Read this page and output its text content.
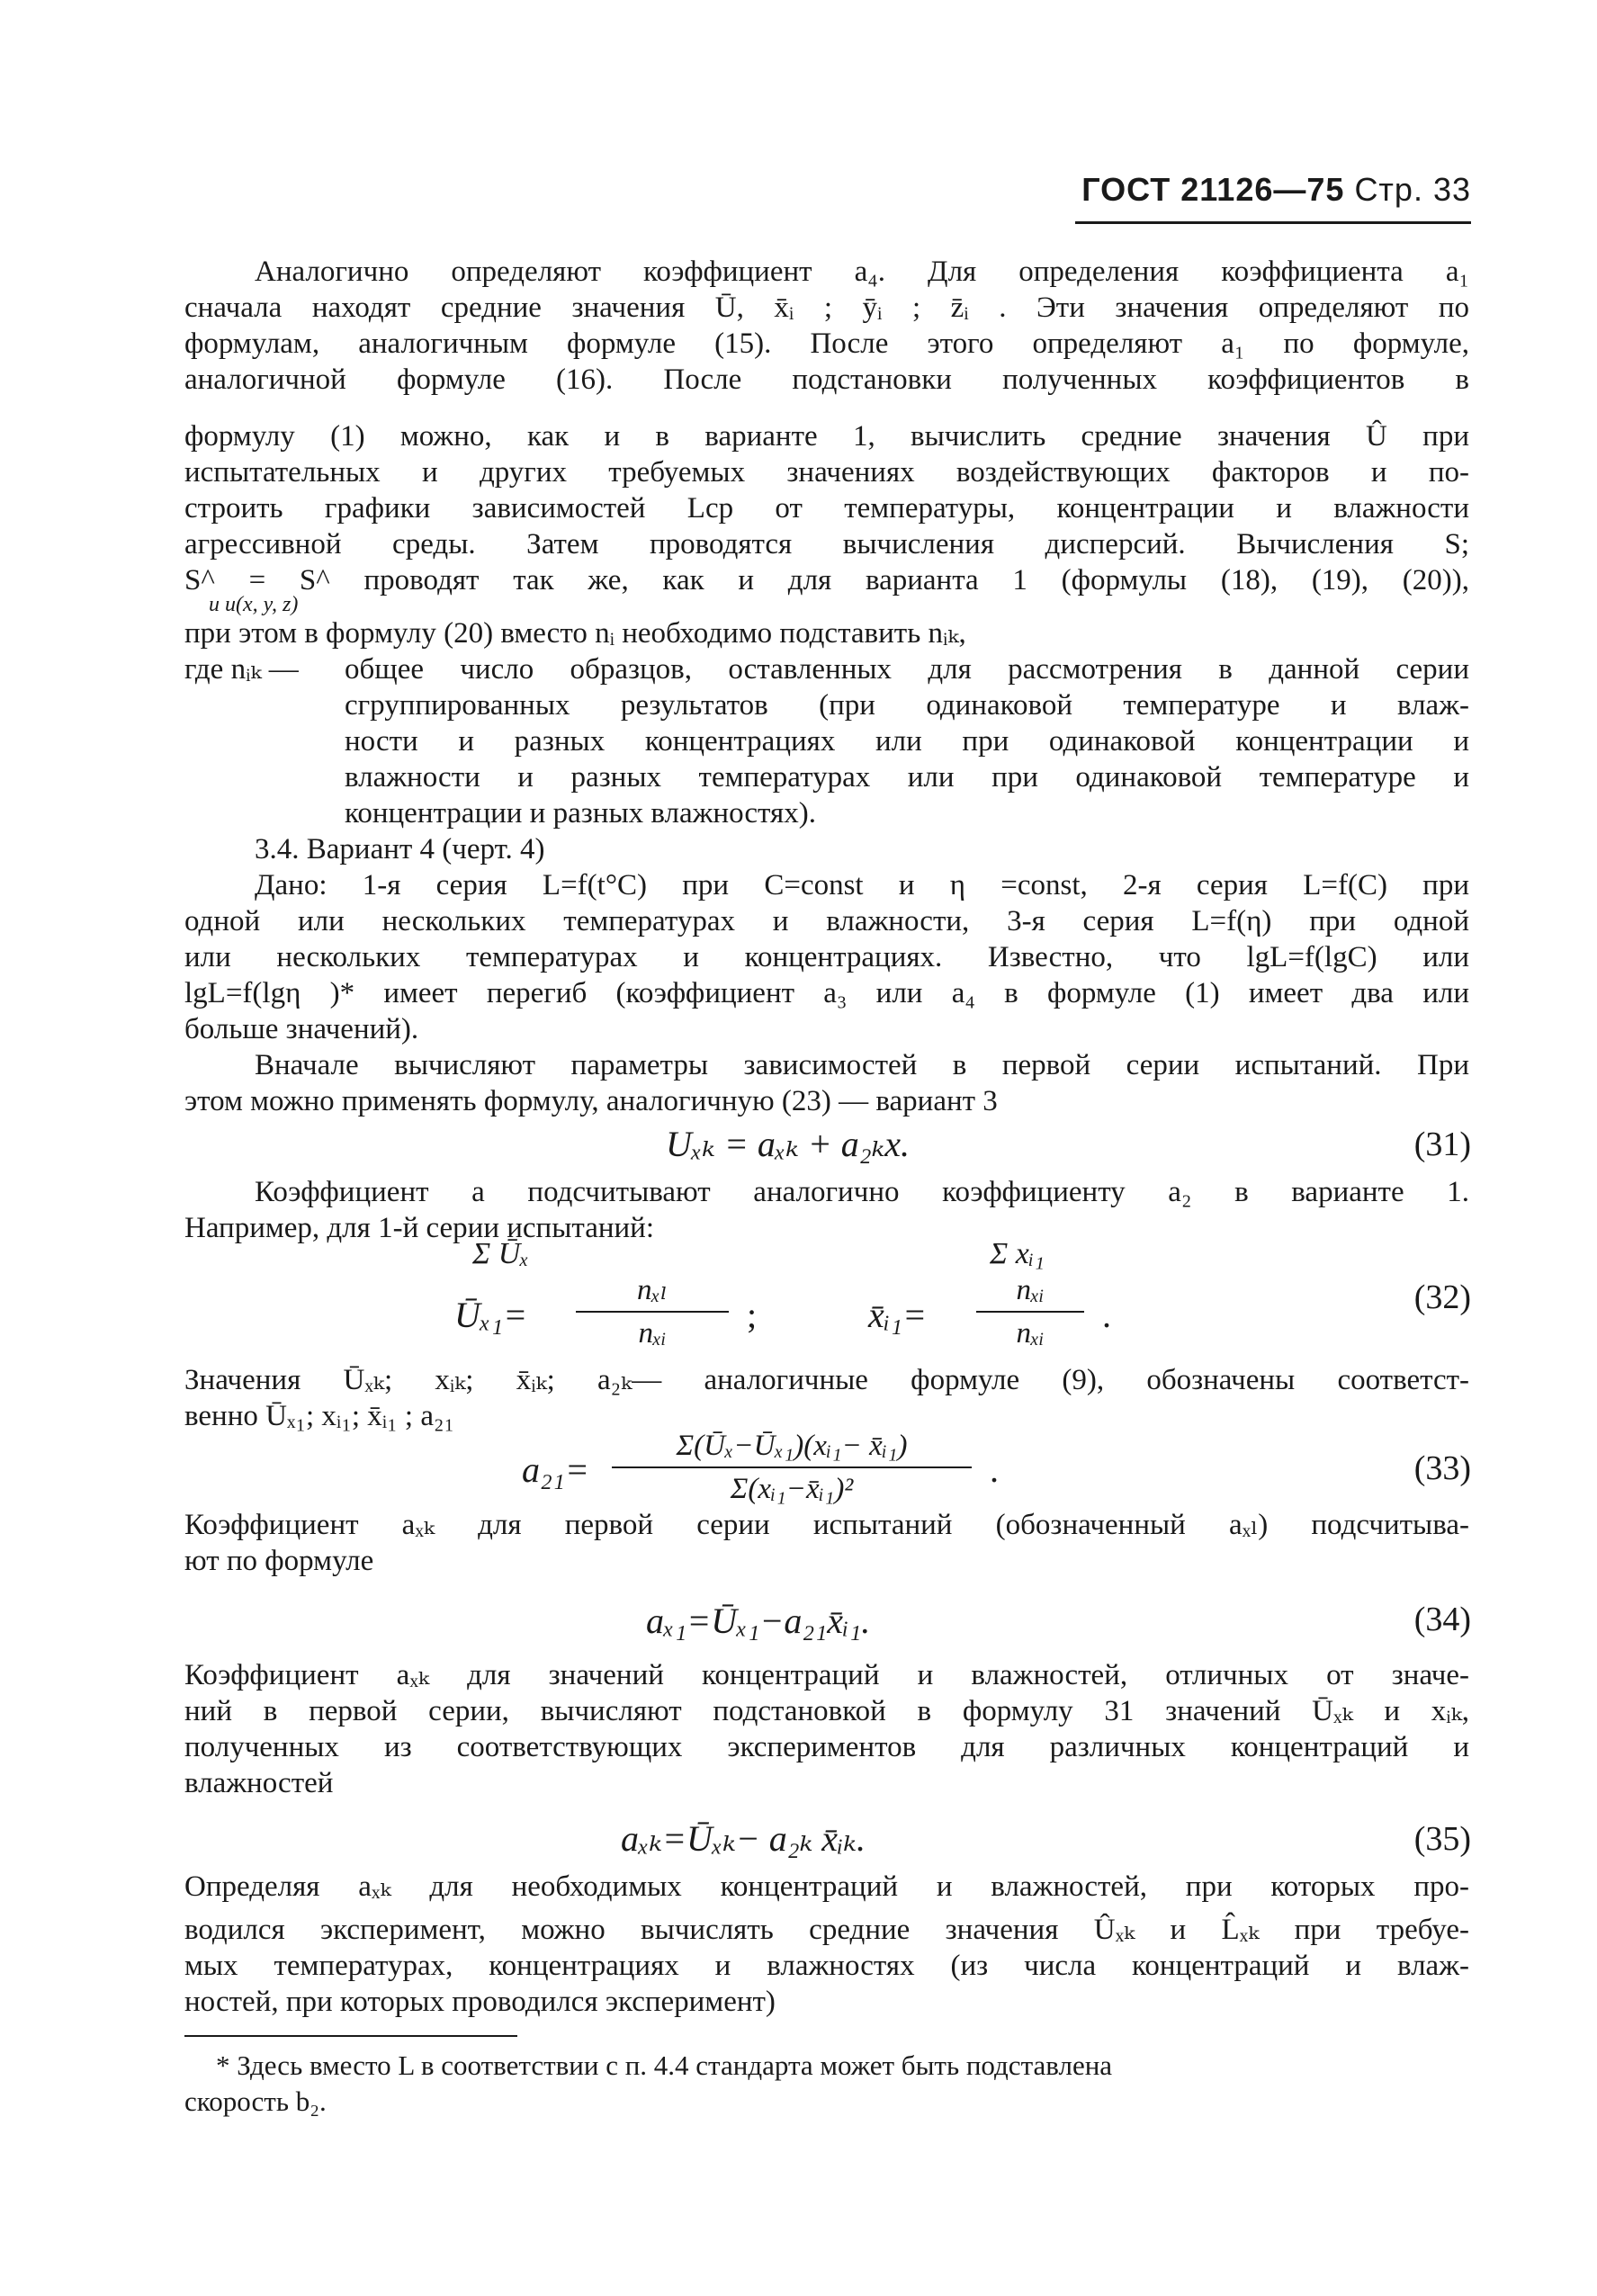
ГОСТ 21126—75 Стр. 33
Аналогично определяют коэффициент a₄. Для определения коэффициента a₁
сначала находят средние значения Ū, x̄ᵢ ; ȳᵢ ; z̄ᵢ . Эти значения определяют по
формулам, аналогичным формуле (15). После этого определяют a₁ по формуле,
аналогичной формуле (16). После подстановки полученных коэффициентов в
формулу (1) можно, как и в варианте 1, вычислить средние значения Û при
испытательных и других требуемых значениях воздействующих факторов и по-
строить графики зависимостей Lср от температуры, концентрации и влажности
агрессивной среды. Затем проводятся вычисления дисперсий. Вычисления S;
S^ = S^ проводят так же, как и для варианта 1 (формулы (18), (19), (20)),
u u(x, y, z)
при этом в формулу (20) вместо nᵢ необходимо подставить nᵢₖ,
где nᵢₖ —	общее число образцов, оставленных для рассмотрения в данной серии
сгруппированных результатов (при одинаковой температуре и влаж-
ности и разных концентрациях или при одинаковой концентрации и
влажности и разных температурах или при одинаковой температуре и
концентрации и разных влажностях).
3.4. Вариант 4 (черт. 4)
Дано: 1-я серия L=f(t°C) при C=const и η =const, 2-я серия L=f(C) при
одной или нескольких температурах и влажности, 3-я серия L=f(η) при одной
или нескольких температурах и концентрациях. Известно, что lgL=f(lgC) или
lgL=f(lgη )* имеет перегиб (коэффициент a₃ или a₄ в формуле (1) имеет два или
больше значений).
Вначале вычисляют параметры зависимостей в первой серии испытаний. При
этом можно применять формулу, аналогичную (23) — вариант 3
Uₓₖ = aₓₖ + a₂ₖx.	(31)
Коэффициент a подсчитывают аналогично коэффициенту a₂ в варианте 1.
Например, для 1-й серии испытаний:
Σ Ūₓ
Ūₓ₁=
nₓₗ
nₓᵢ	;
Σ xᵢ₁
x̄ᵢ₁=
nₓᵢ
nₓᵢ	.	(32)
Значения Ūₓₖ; xᵢₖ; x̄ᵢₖ; a₂ₖ— аналогичные формуле (9), обозначены соответст-
венно Ūₓ₁; xᵢ₁; x̄ᵢ₁ ; a₂₁
a₂₁=
Σ(Ūₓ−Ūₓ₁)(xᵢ₁− x̄ᵢ₁)
Σ(xᵢ₁−x̄ᵢ₁)²	.	(33)
Коэффициент aₓₖ для первой серии испытаний (обозначенный aₓₗ) подсчитыва-
ют по формуле
aₓ₁=Ūₓ₁−a₂₁x̄ᵢ₁.	(34)
Коэффициент aₓₖ для значений концентраций и влажностей, отличных от значе-
ний в первой серии, вычисляют подстановкой в формулу 31 значений Ūₓₖ и xᵢₖ,
полученных из соответствующих экспериментов для различных концентраций и
влажностей
aₓₖ=Ūₓₖ− a₂ₖ x̄ᵢₖ.	(35)
Определяя aₓₖ для необходимых концентраций и влажностей, при которых про-
водился эксперимент, можно вычислять средние значения Ûₓₖ и L̂ₓₖ при требуе-
мых температурах, концентрациях и влажностях (из числа концентраций и влаж-
ностей, при которых проводился эксперимент)
* Здесь вместо L в соответствии с п. 4.4 стандарта может быть подставлена
скорость b₂.
